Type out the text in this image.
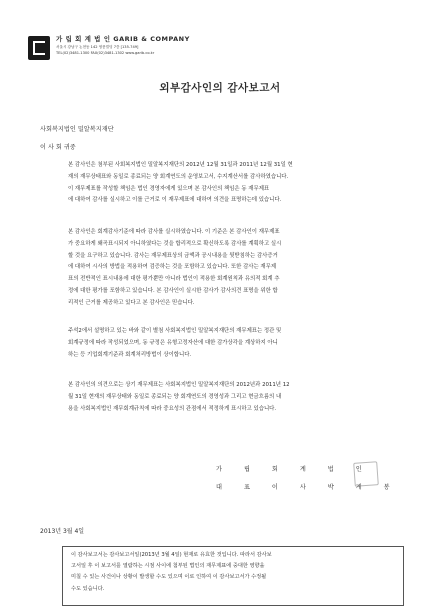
가 립 회 계 법 인 GARIB & COMPANY
서울시 강남구 논현동 142 영풍빌딩 7층 [135-749]
TEL(02)3481-1300 FAX(02)3481-1302 www.garib.co.kr
외부감사인의 감사보고서
사회복지법인 밀알복지재단
이 사 회 귀중
본 감사인은 첨부된 사회복지법인 밀알복지재단의 2012년 12월 31일과 2011년 12월 31일 현
재의 재무상태표와 동일로 종료되는 양 회계연도의 운영보고서, 수지계산서를 감사하였습니다.
이 재무제표를 작성할 책임은 법인 경영자에게 있으며 본 감사인의 책임은 동 재무제표
에 대하여 감사를 실시하고 이를 근거로 이 재무제표에 대하여 의견을 표명하는데 있습니다.
본 감사인은 회계감사기준에 따라 감사를 실시하였습니다. 이 기준은 본 감사인이 재무제표
가 중요하게 왜곡표시되지 아니하였다는 것을 합리적으로 확신하도록 감사를 계획하고 실시
할 것을 요구하고 있습니다. 감사는 재무제표상의 금액과 공시내용을 뒷받침하는 감사증거
에 대하여 시사의 방법을 적용하여 검증하는 것을 포함하고 있습니다. 또한 감사는 재무제
표의 전반적인 표시내용에 대한 평가뿐만 아니라 법인이 적용한 회계원칙과 유의적 회계 추
정에 대한 평가를 포함하고 있습니다. 본 감사인이 실시한 감사가 감사의견 표명을 위한 합
리적인 근거를 제공하고 있다고 본 감사인은 믿습니다.
주석2에서 설명하고 있는 바와 같이 별첨 사회복지법인 밀알복지재단의 재무제표는 정관 및
회계규정에 따라 작성되었으며, 동 규정은 유형고정자산에 대한 감가상각을 계상하지 아니
하는 등 기업회계기준과 회계처리방법이 상이합니다.
본 감사인의 의견으로는 상기 재무제표는 사회복지법인 밀알복지재단의 2012년과 2011년 12
월 31일 현재의 재무상태와 동일로 종료되는 양 회계연도의 경영성과 그리고 현금흐름의 내
용을 사회복지법인 재무회계규칙에 따라 중요성의 관점에서 적정하게 표시하고 있습니다.
가 립 회 계 법 인
대 표 이 사 박 계 봉
2013년 3월 4일
이 감사보고서는 감사보고서일(2013년 3월 4일) 현재로 유효한 것입니다. 따라서 감사보
고서일 후 이 보고서를 열람하는 시점 사이에 첨부된 법인의 재무제표에 중대한 영향을
미칠 수 있는 사건이나 상황이 발생할 수도 있으며 이로 인하여 이 감사보고서가 수정될
수도 있습니다.
